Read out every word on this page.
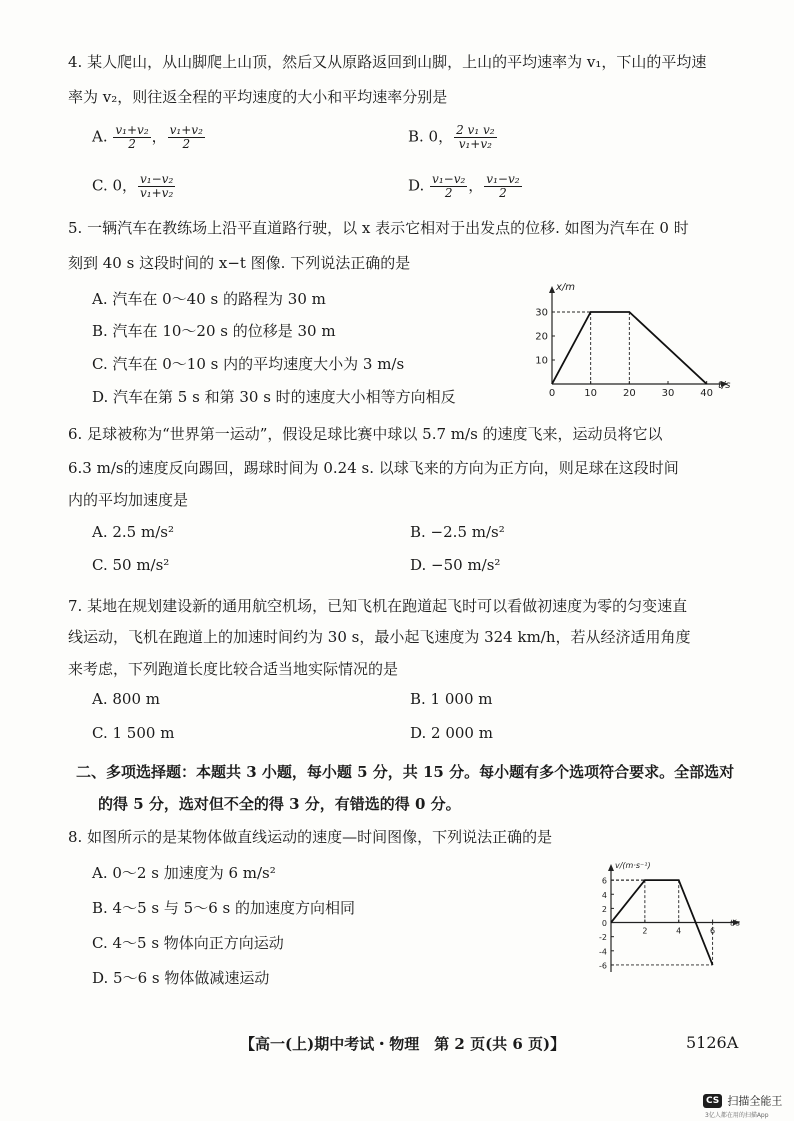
4. 某人爬山，从山脚爬上山顶，然后又从原路返回到山脚，上山的平均速率为 v₁，下山的平均速
率为 v₂，则往返全程的平均速度的大小和平均速率分别是
A. $\frac{\text{v₁+v₂}}{2}$ ， $\frac{\text{v₁+v₂}}{2}$	B. 0， $\frac{\text{2 v₁ v₂}}{\text{v₁+v₂}}$
C. 0， $\frac{\text{v₁−v₂}}{\text{v₁+v₂}}$	D. $\frac{\text{v₁−v₂}}{2}$ ， $\frac{\text{v₁−v₂}}{2}$
5. 一辆汽车在教练场上沿平直道路行驶，以 x 表示它相对于出发点的位移. 如图为汽车在 0 时
刻到 40 s 这段时间的 x−t 图像. 下列说法正确的是
A. 汽车在 0～40 s 的路程为 30 m
B. 汽车在 10～20 s 的位移是 30 m
C. 汽车在 0～10 s 内的平均速度大小为 3 m/s
D. 汽车在第 5 s 和第 30 s 时的速度大小相等方向相反
10
20
30
0	10	20	30	40
x/m
t/s
6. 足球被称为“世界第一运动”，假设足球比赛中球以 5.7 m/s 的速度飞来，运动员将它以
6.3 m/s的速度反向踢回，踢球时间为 0.24 s. 以球飞来的方向为正方向，则足球在这段时间
内的平均加速度是
A. 2.5 m/s²	B. −2.5 m/s²
C. 50 m/s²	D. −50 m/s²
7. 某地在规划建设新的通用航空机场，已知飞机在跑道起飞时可以看做初速度为零的匀变速直
线运动，飞机在跑道上的加速时间约为 30 s，最小起飞速度为 324 km/h，若从经济适用角度
来考虑，下列跑道长度比较合适当地实际情况的是
A. 800 m	B. 1 000 m
C. 1 500 m	D. 2 000 m
二、多项选择题：本题共 3 小题，每小题 5 分，共 15 分。每小题有多个选项符合要求。全部选对
的得 5 分，选对但不全的得 3 分，有错选的得 0 分。
8. 如图所示的是某物体做直线运动的速度—时间图像，下列说法正确的是
A. 0～2 s 加速度为 6 m/s²
B. 4～5 s 与 5～6 s 的加速度方向相同
C. 4～5 s 物体向正方向运动
D. 5～6 s 物体做减速运动
6
4
2
0
-2
-4
-6
2	4	6
v/(m·s⁻¹)
t/s
【高一(上)期中考试・物理　第 2 页(共 6 页)】	5126A
CS 扫描全能王
3亿人都在用的扫描App
